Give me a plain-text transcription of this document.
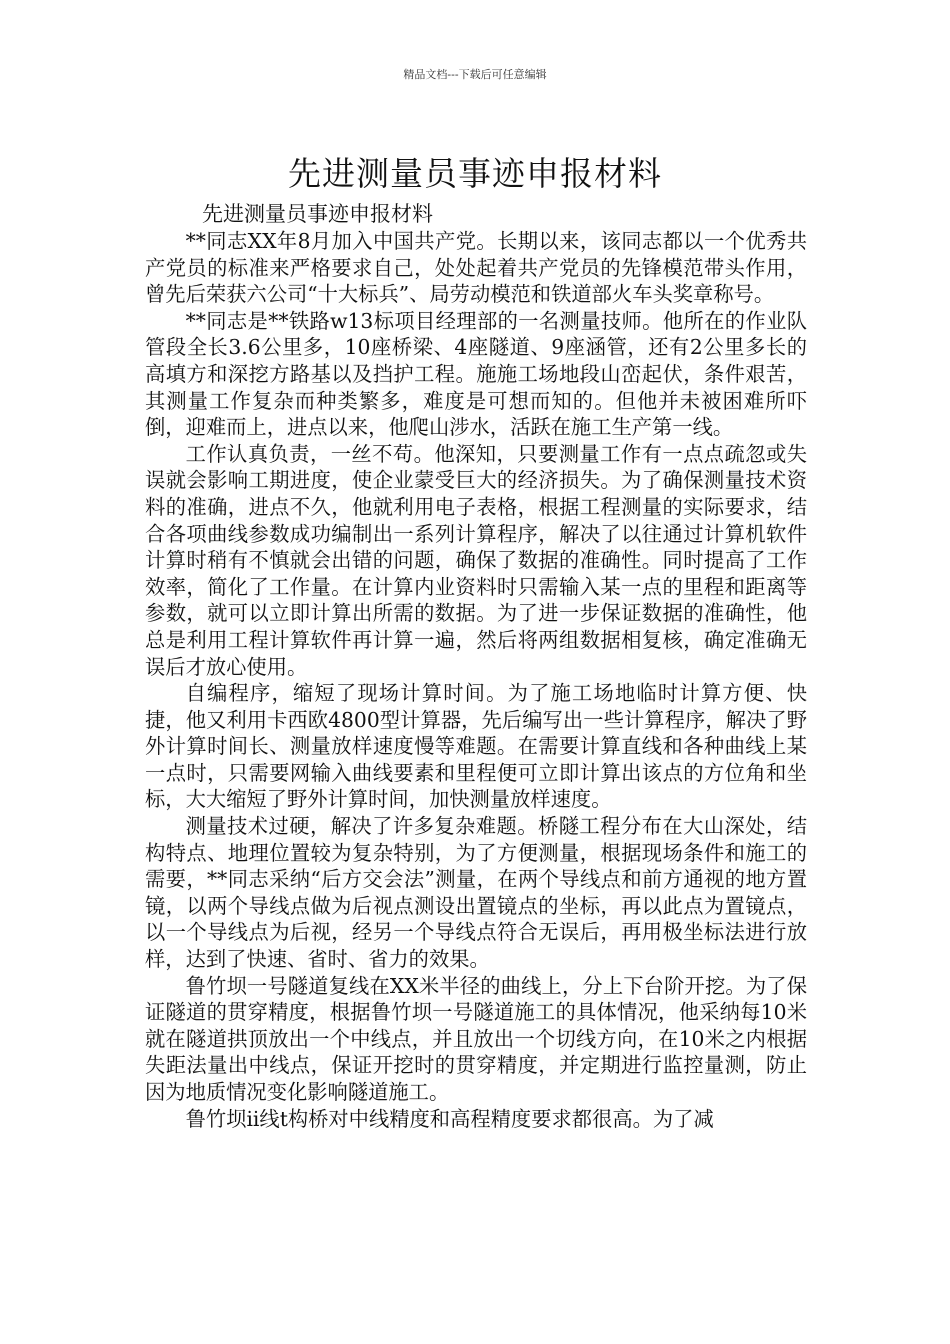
精品文档---下载后可任意编辑
先进测量员事迹申报材料
先进测量员事迹申报材料

**同志XX年8月加入中国共产党。长期以来，该同志都以一个优秀共产党员的标准来严格要求自己，处处起着共产党员的先锋模范带头作用，曾先后荣获六公司“十大标兵”、局劳动模范和铁道部火车头奖章称号。

**同志是**铁路w13标项目经理部的一名测量技师。他所在的作业队管段全长3.6公里多，10座桥梁、4座隧道、9座涵管，还有2公里多长的高填方和深挖方路基以及挡护工程。施施工场地段山峦起伏，条件艰苦，其测量工作复杂而种类繁多，难度是可想而知的。但他并未被困难所吓倒，迎难而上，进点以来，他爬山涉水，活跃在施工生产第一线。

工作认真负责，一丝不苟。他深知，只要测量工作有一点点疏忽或失误就会影响工期进度，使企业蒙受巨大的经济损失。为了确保测量技术资料的准确，进点不久，他就利用电子表格，根据工程测量的实际要求，结合各项曲线参数成功编制出一系列计算程序，解决了以往通过计算机软件计算时稍有不慎就会出错的问题，确保了数据的准确性。同时提高了工作效率，简化了工作量。在计算内业资料时只需输入某一点的里程和距离等参数，就可以立即计算出所需的数据。为了进一步保证数据的准确性，他总是利用工程计算软件再计算一遍，然后将两组数据相复核，确定准确无误后才放心使用。

自编程序，缩短了现场计算时间。为了施工场地临时计算方便、快捷，他又利用卡西欧4800型计算器，先后编写出一些计算程序，解决了野外计算时间长、测量放样速度慢等难题。在需要计算直线和各种曲线上某一点时，只需要网输入曲线要素和里程便可立即计算出该点的方位角和坐标，大大缩短了野外计算时间，加快测量放样速度。

测量技术过硬，解决了许多复杂难题。桥隧工程分布在大山深处，结构特点、地理位置较为复杂特别，为了方便测量，根据现场条件和施工的需要，**同志采纳“后方交会法”测量，在两个导线点和前方通视的地方置镜，以两个导线点做为后视点测设出置镜点的坐标，再以此点为置镜点，以一个导线点为后视，经另一个导线点符合无误后，再用极坐标法进行放样，达到了快速、省时、省力的效果。

鲁竹坝一号隧道复线在XX米半径的曲线上，分上下台阶开挖。为了保证隧道的贯穿精度，根据鲁竹坝一号隧道施工的具体情况，他采纳每10米就在隧道拱顶放出一个中线点，并且放出一个切线方向，在10米之内根据失距法量出中线点，保证开挖时的贯穿精度，并定期进行监控量测，防止因为地质情况变化影响隧道施工。

鲁竹坝ii线t构桥对中线精度和高程精度要求都很高。为了减
